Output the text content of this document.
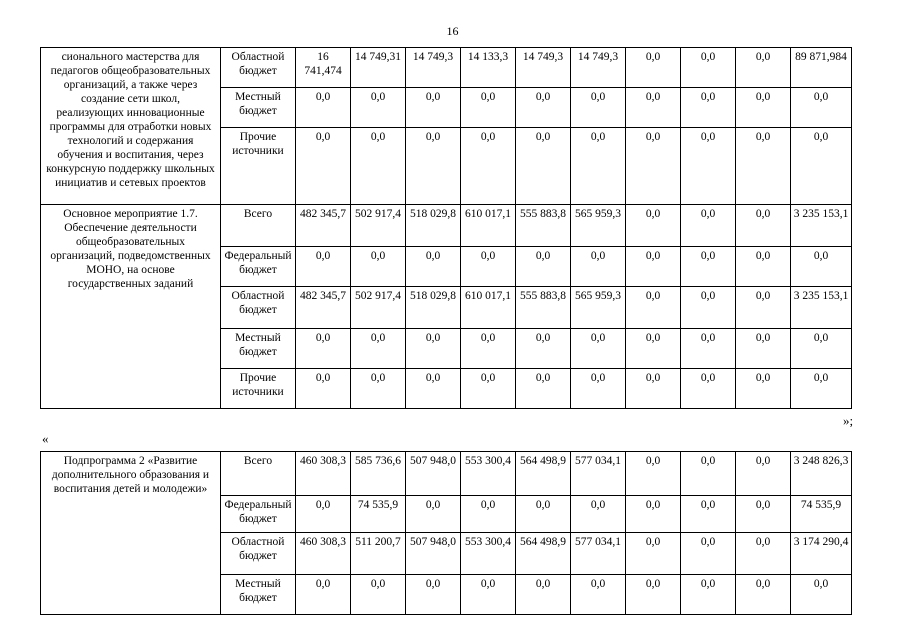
16
сионального мастерства для педагогов общеобразовательных организаций, а также через создание сети школ, реализующих инновационные программы для отработки новых технологий и содержания обучения и воспитания, через конкурсную поддержку школьных инициатив и сетевых проектов	Областной бюджет	16 741,474	14 749,31	14 749,3	14 133,3	14 749,3	14 749,3	0,0	0,0	0,0	89 871,984
	Местный бюджет	0,0	0,0	0,0	0,0	0,0	0,0	0,0	0,0	0,0	0,0
	Прочие источники	0,0	0,0	0,0	0,0	0,0	0,0	0,0	0,0	0,0	0,0
Основное мероприятие 1.7. Обеспечение деятельности общеобразовательных организаций, подведомственных МОНО, на основе государственных заданий	Всего	482 345,7	502 917,4	518 029,8	610 017,1	555 883,8	565 959,3	0,0	0,0	0,0	3 235 153,1
	Федеральный бюджет	0,0	0,0	0,0	0,0	0,0	0,0	0,0	0,0	0,0	0,0
	Областной бюджет	482 345,7	502 917,4	518 029,8	610 017,1	555 883,8	565 959,3	0,0	0,0	0,0	3 235 153,1
	Местный бюджет	0,0	0,0	0,0	0,0	0,0	0,0	0,0	0,0	0,0	0,0
	Прочие источники	0,0	0,0	0,0	0,0	0,0	0,0	0,0	0,0	0,0	0,0
»;
«
Подпрограмма 2 «Развитие дополнительного образования и воспитания детей и молодежи»	Всего	460 308,3	585 736,6	507 948,0	553 300,4	564 498,9	577 034,1	0,0	0,0	0,0	3 248 826,3
	Федеральный бюджет	0,0	74 535,9	0,0	0,0	0,0	0,0	0,0	0,0	0,0	74 535,9
	Областной бюджет	460 308,3	511 200,7	507 948,0	553 300,4	564 498,9	577 034,1	0,0	0,0	0,0	3 174 290,4
	Местный бюджет	0,0	0,0	0,0	0,0	0,0	0,0	0,0	0,0	0,0	0,0
